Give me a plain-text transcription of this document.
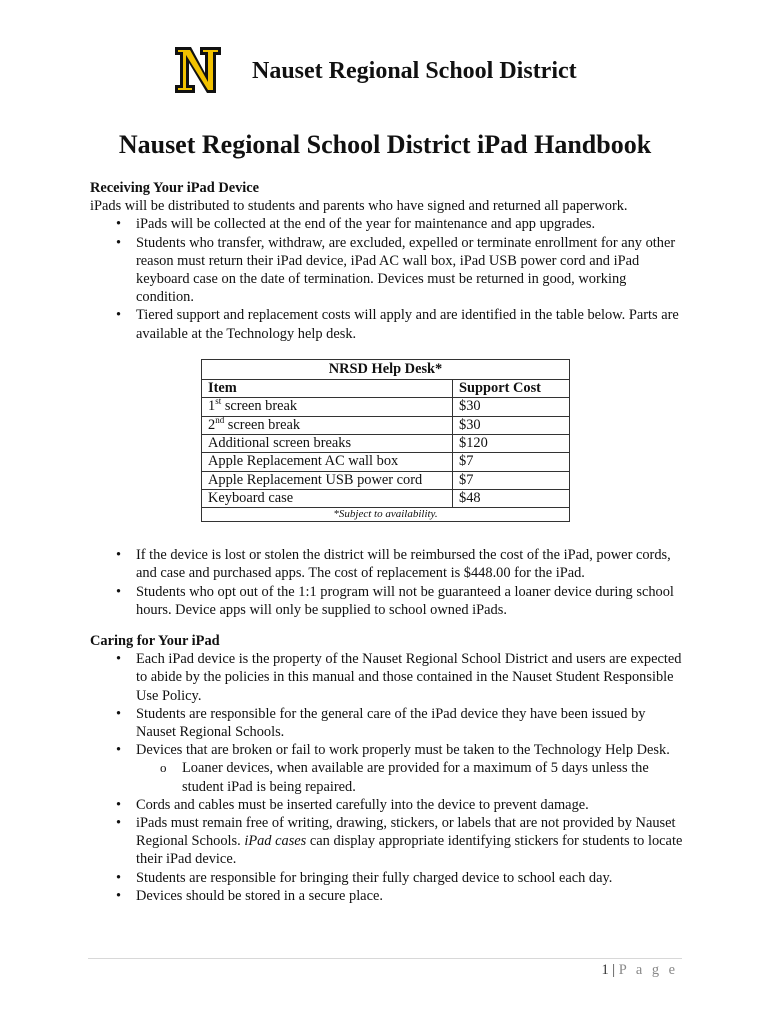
Nauset Regional School District
Nauset Regional School District iPad Handbook
Receiving Your iPad Device

iPads will be distributed to students and parents who have signed and returned all paperwork.

• iPads will be collected at the end of the year for maintenance and app upgrades.
• Students who transfer, withdraw, are excluded, expelled or terminate enrollment for any other reason must return their iPad device, iPad AC wall box, iPad USB power cord and iPad keyboard case on the date of termination. Devices must be returned in good, working condition.
• Tiered support and replacement costs will apply and are identified in the table below. Parts are available at the Technology help desk.
NRSD Help Desk*	
Item	Support Cost
1st screen break	$30
2nd screen break	$30
Additional screen breaks	$120
Apple Replacement AC wall box	$7
Apple Replacement USB power cord	$7
Keyboard case	$48
*Subject to availability.	
• If the device is lost or stolen the district will be reimbursed the cost of the iPad, power cords, and case and purchased apps. The cost of replacement is $448.00 for the iPad.
• Students who opt out of the 1:1 program will not be guaranteed a loaner device during school hours. Device apps will only be supplied to school owned iPads.
Caring for Your iPad
• Each iPad device is the property of the Nauset Regional School District and users are expected to abide by the policies in this manual and those contained in the Nauset Student Responsible Use Policy.
• Students are responsible for the general care of the iPad device they have been issued by Nauset Regional Schools.
• Devices that are broken or fail to work properly must be taken to the Technology Help Desk.
o Loaner devices, when available are provided for a maximum of 5 days unless the student iPad is being repaired.
• Cords and cables must be inserted carefully into the device to prevent damage.
• iPads must remain free of writing, drawing, stickers, or labels that are not provided by Nauset Regional Schools. iPad cases can display appropriate identifying stickers for students to locate their iPad device.
• Students are responsible for bringing their fully charged device to school each day.
• Devices should be stored in a secure place.
1 | P a g e
